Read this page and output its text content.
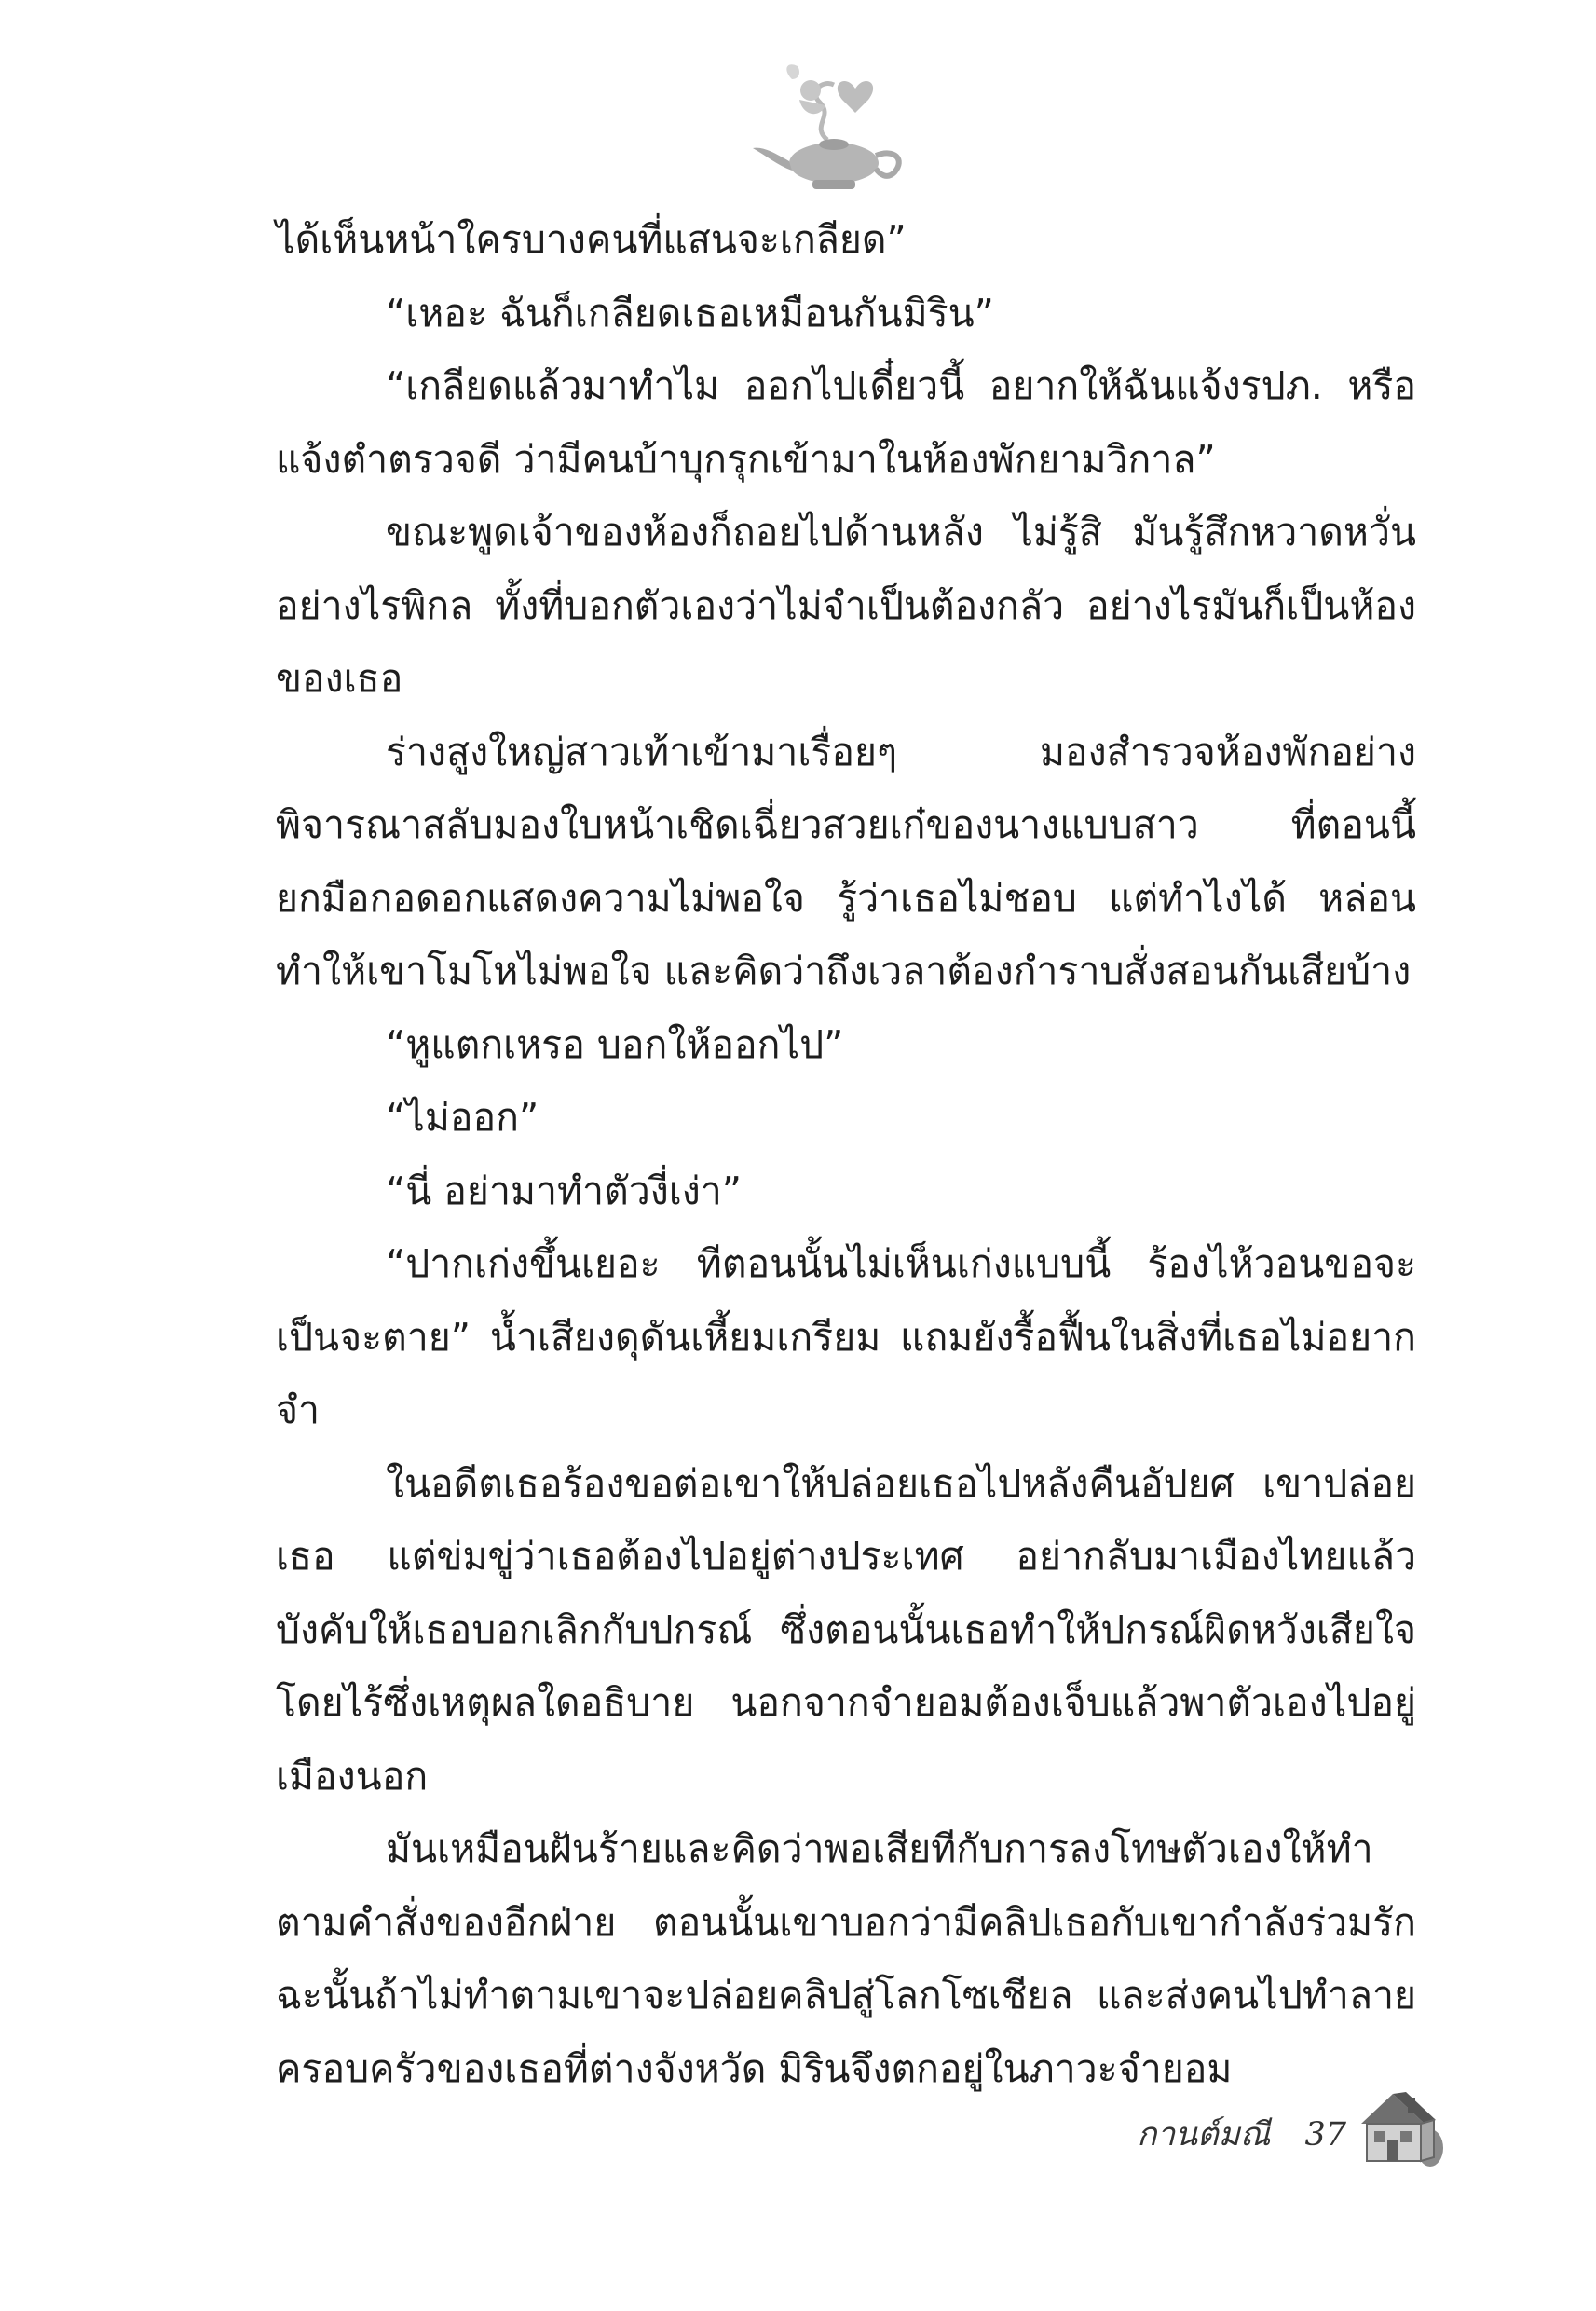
ได้เห็นหน้าใครบางคนที่แสนจะเกลียด”

“เหอะ ฉันก็เกลียดเธอเหมือนกันมิริน”

“เกลียดแล้วมาทำไม ออกไปเดี๋ยวนี้ อยากให้ฉันแจ้งรปภ. หรือแจ้งตำตรวจดี ว่ามีคนบ้าบุกรุกเข้ามาในห้องพักยามวิกาล”

ขณะพูดเจ้าของห้องก็ถอยไปด้านหลัง ไม่รู้สิ มันรู้สึกหวาดหวั่นอย่างไรพิกล ทั้งที่บอกตัวเองว่าไม่จำเป็นต้องกลัว อย่างไรมันก็เป็นห้องของเธอ

ร่างสูงใหญ่สาวเท้าเข้ามาเรื่อยๆ มองสำรวจห้องพักอย่างพิจารณาสลับมองใบหน้าเชิดเฉี่ยวสวยเก๋ของนางแบบสาว ที่ตอนนี้ยกมือกอดอกแสดงความไม่พอใจ รู้ว่าเธอไม่ชอบ แต่ทำไงได้ หล่อนทำให้เขาโมโหไม่พอใจ และคิดว่าถึงเวลาต้องกำราบสั่งสอนกันเสียบ้าง

“หูแตกเหรอ บอกให้ออกไป”

“ไม่ออก”

“นี่ อย่ามาทำตัวงี่เง่า”

“ปากเก่งขึ้นเยอะ ทีตอนนั้นไม่เห็นเก่งแบบนี้ ร้องไห้วอนขอจะเป็นจะตาย” น้ำเสียงดุดันเหี้ยมเกรียม แถมยังรื้อฟื้นในสิ่งที่เธอไม่อยากจำ

ในอดีตเธอร้องขอต่อเขาให้ปล่อยเธอไปหลังคืนอัปยศ เขาปล่อยเธอ แต่ข่มขู่ว่าเธอต้องไปอยู่ต่างประเทศ อย่ากลับมาเมืองไทยแล้วบังคับให้เธอบอกเลิกกับปกรณ์ ซึ่งตอนนั้นเธอทำให้ปกรณ์ผิดหวังเสียใจ โดยไร้ซึ่งเหตุผลใดอธิบาย นอกจากจำยอมต้องเจ็บแล้วพาตัวเองไปอยู่เมืองนอก

มันเหมือนฝันร้ายและคิดว่าพอเสียทีกับการลงโทษตัวเองให้ทำตามคำสั่งของอีกฝ่าย ตอนนั้นเขาบอกว่ามีคลิปเธอกับเขากำลังร่วมรัก ฉะนั้นถ้าไม่ทำตามเขาจะปล่อยคลิปสู่โลกโซเชียล และส่งคนไปทำลายครอบครัวของเธอที่ต่างจังหวัด มิรินจึงตกอยู่ในภาวะจำยอม

กานต์มณี 37
